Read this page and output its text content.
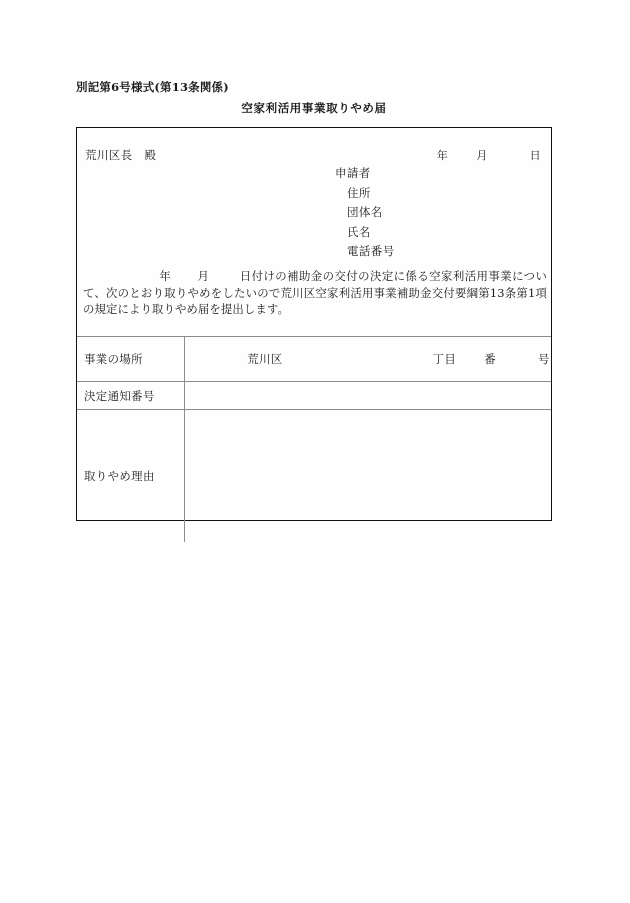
別記第6号様式(第13条関係)
空家利活用事業取りやめ届

年	月	日

荒川区長　殿
申請者
住所
団体名
氏名
電話番号
年 月	日付けの補助金の交付の決定に係る空家利活用事業について、次のとおり取りやめをしたいので荒川区空家利活用事業補助金交付要綱第13条第1項の規定により取りやめ届を提出します。
事業の場所	荒川区 丁目 番 号

決定通知番号	
取りやめ理由	
